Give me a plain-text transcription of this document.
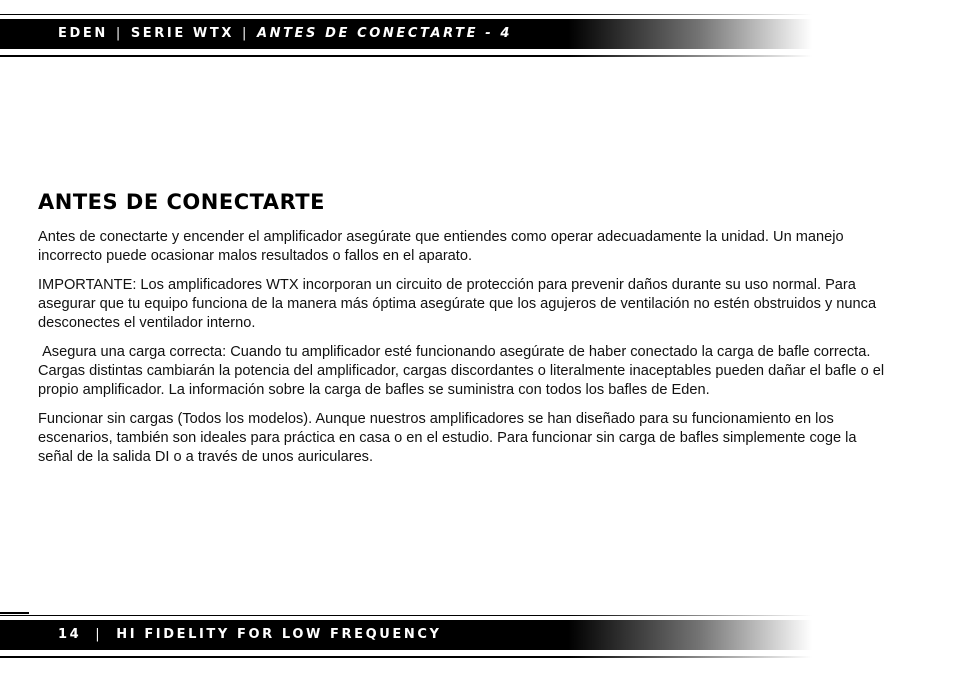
EDEN | SERIE WTX | ANTES DE CONECTARTE - 4
ANTES DE CONECTARTE

Antes de conectarte y encender el amplificador asegúrate que entiendes como operar adecuadamente la unidad. Un manejo incorrecto puede ocasionar malos resultados o fallos en el aparato.

IMPORTANTE: Los amplificadores WTX incorporan un circuito de protección para prevenir daños durante su uso normal. Para asegurar que tu equipo funciona de la manera más óptima asegúrate que los agujeros de ventilación no estén obstruidos y nunca desconectes el ventilador interno.

Asegura una carga correcta: Cuando tu amplificador esté funcionando asegúrate de haber conectado la carga de bafle correcta. Cargas distintas cambiarán la potencia del amplificador, cargas discordantes o literalmente inaceptables pueden dañar el bafle o el propio amplificador. La información sobre la carga de bafles se suministra con todos los bafles de Eden.

Funcionar sin cargas (Todos los modelos). Aunque nuestros amplificadores se han diseñado para su funcionamiento en los escenarios, también son ideales para práctica en casa o en el estudio. Para funcionar sin carga de bafles simplemente coge la señal de la salida DI o a través de unos auriculares.

14 | HI FIDELITY FOR LOW FREQUENCY
